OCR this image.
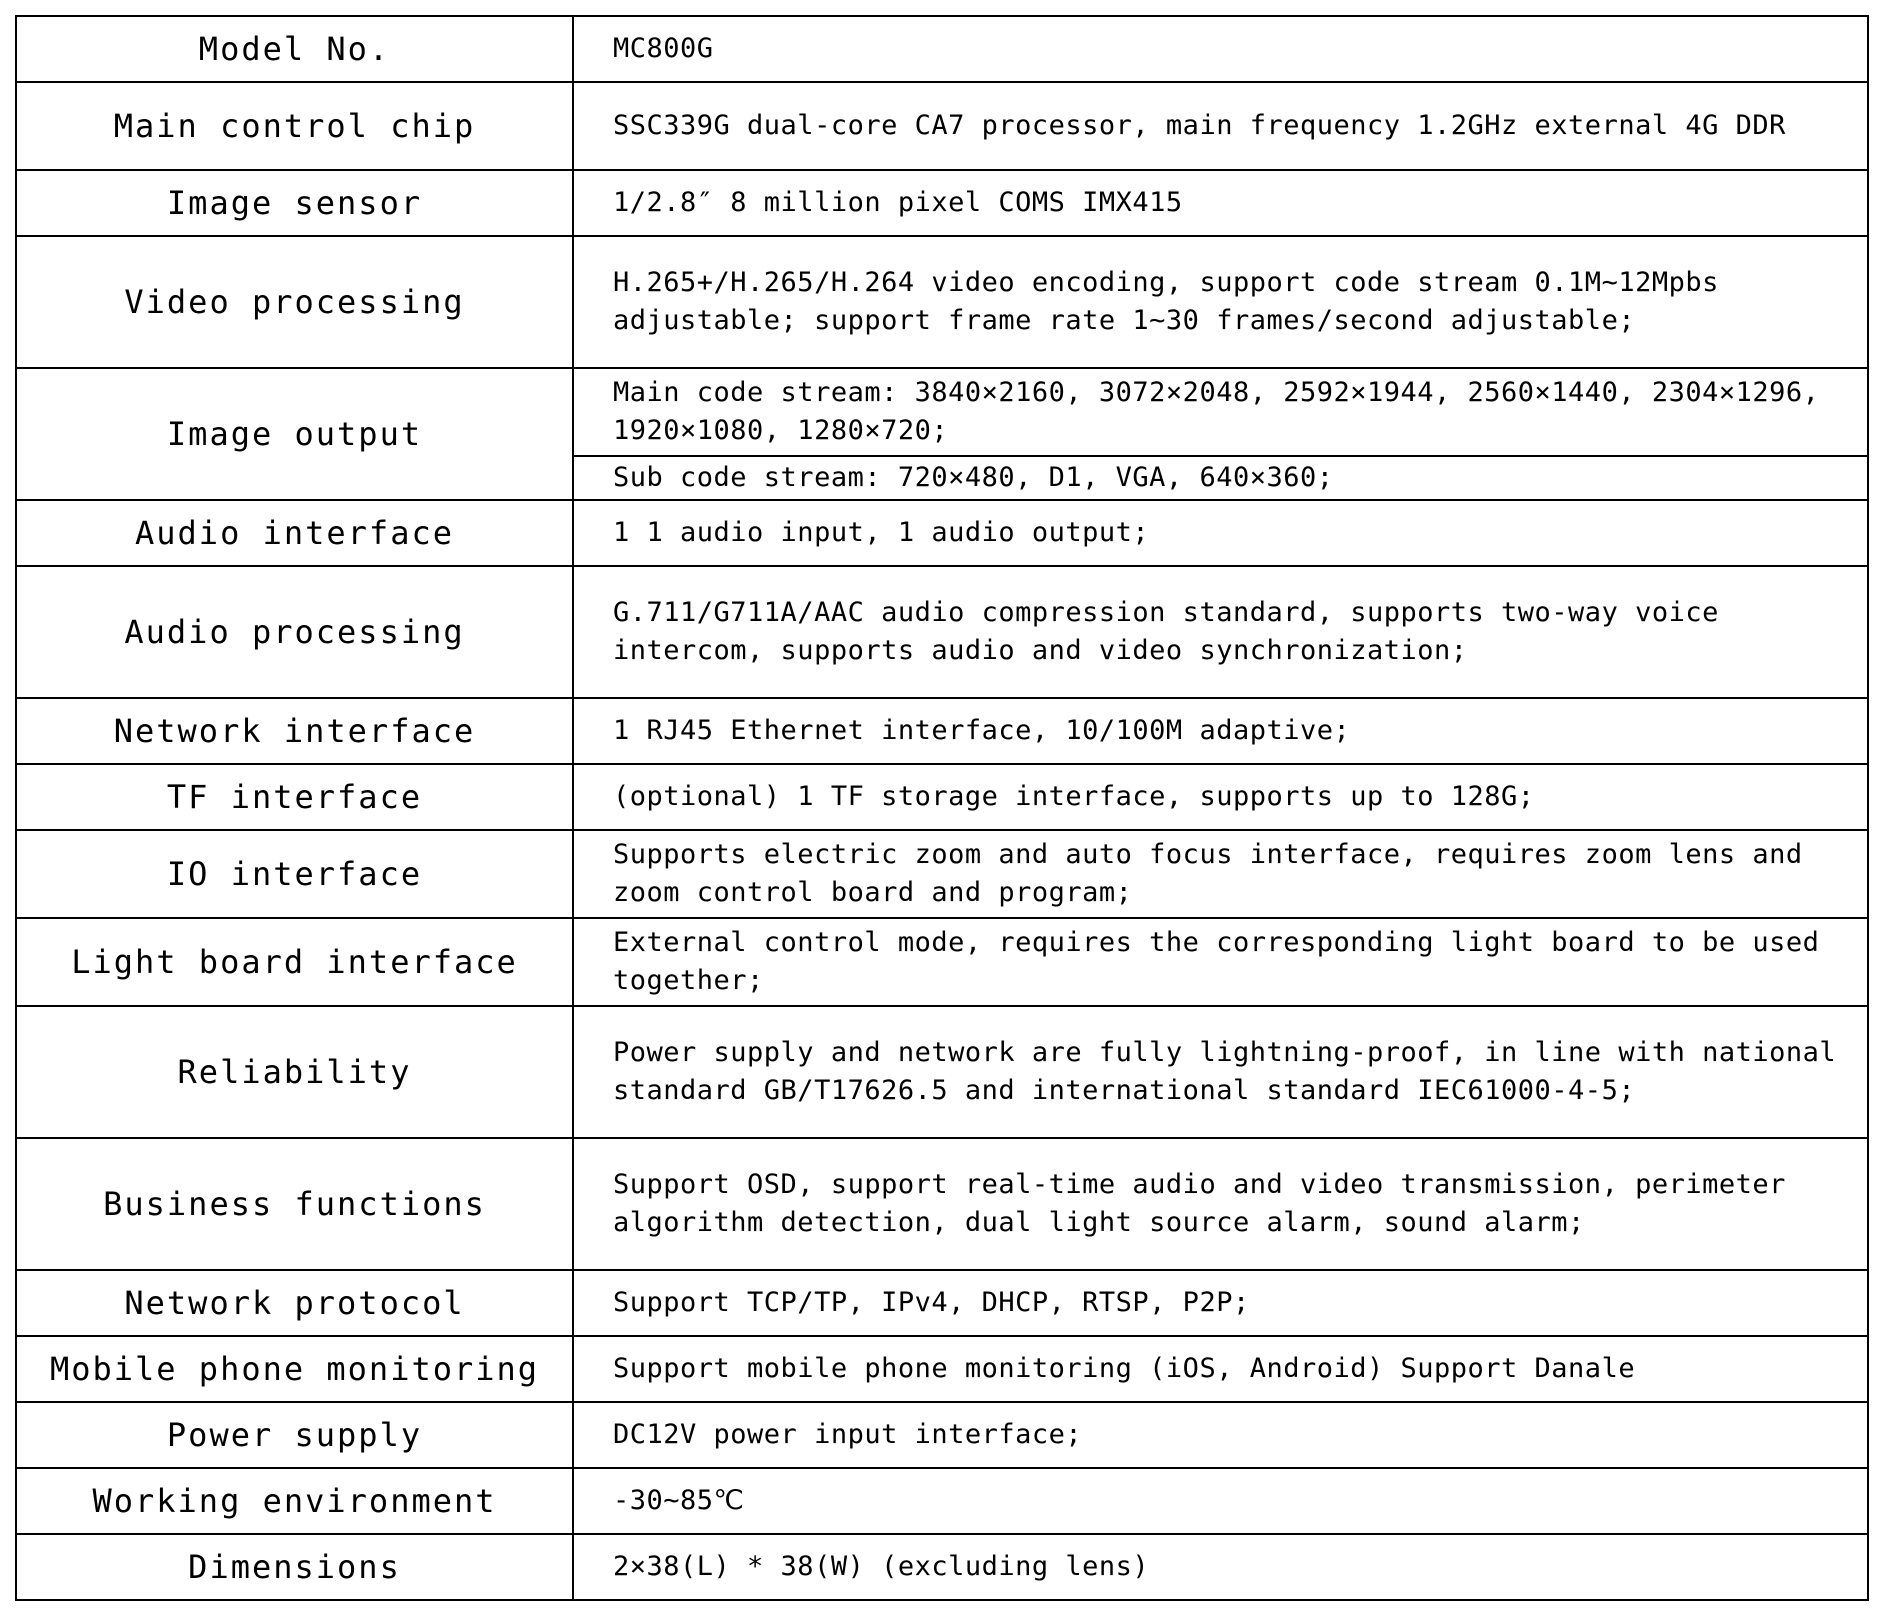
Model No.	MC800G
Main control chip	SSC339G dual-core CA7 processor, main frequency 1.2GHz external 4G DDR
Image sensor	1/2.8″ 8 million pixel COMS IMX415
Video processing	H.265+/H.265/H.264 video encoding, support code stream 0.1M~12Mpbs adjustable; support frame rate 1~30 frames/second adjustable;
Image output	Main code stream: 3840×2160, 3072×2048, 2592×1944, 2560×1440, 2304×1296, 1920×1080, 1280×720;
	Sub code stream: 720×480, D1, VGA, 640×360;
Audio interface	1 1 audio input, 1 audio output;
Audio processing	G.711/G711A/AAC audio compression standard, supports two-way voice intercom, supports audio and video synchronization;
Network interface	1 RJ45 Ethernet interface, 10/100M adaptive;
TF interface	(optional) 1 TF storage interface, supports up to 128G;
IO interface	Supports electric zoom and auto focus interface, requires zoom lens and zoom control board and program;
Light board interface	External control mode, requires the corresponding light board to be used together;
Reliability	Power supply and network are fully lightning-proof, in line with national standard GB/T17626.5 and international standard IEC61000-4-5;
Business functions	Support OSD, support real-time audio and video transmission, perimeter algorithm detection, dual light source alarm, sound alarm;
Network protocol	Support TCP/TP, IPv4, DHCP, RTSP, P2P;
Mobile phone monitoring	Support mobile phone monitoring (iOS, Android) Support Danale
Power supply	DC12V power input interface;
Working environment	-30~85℃
Dimensions	2×38(L) * 38(W) (excluding lens)
